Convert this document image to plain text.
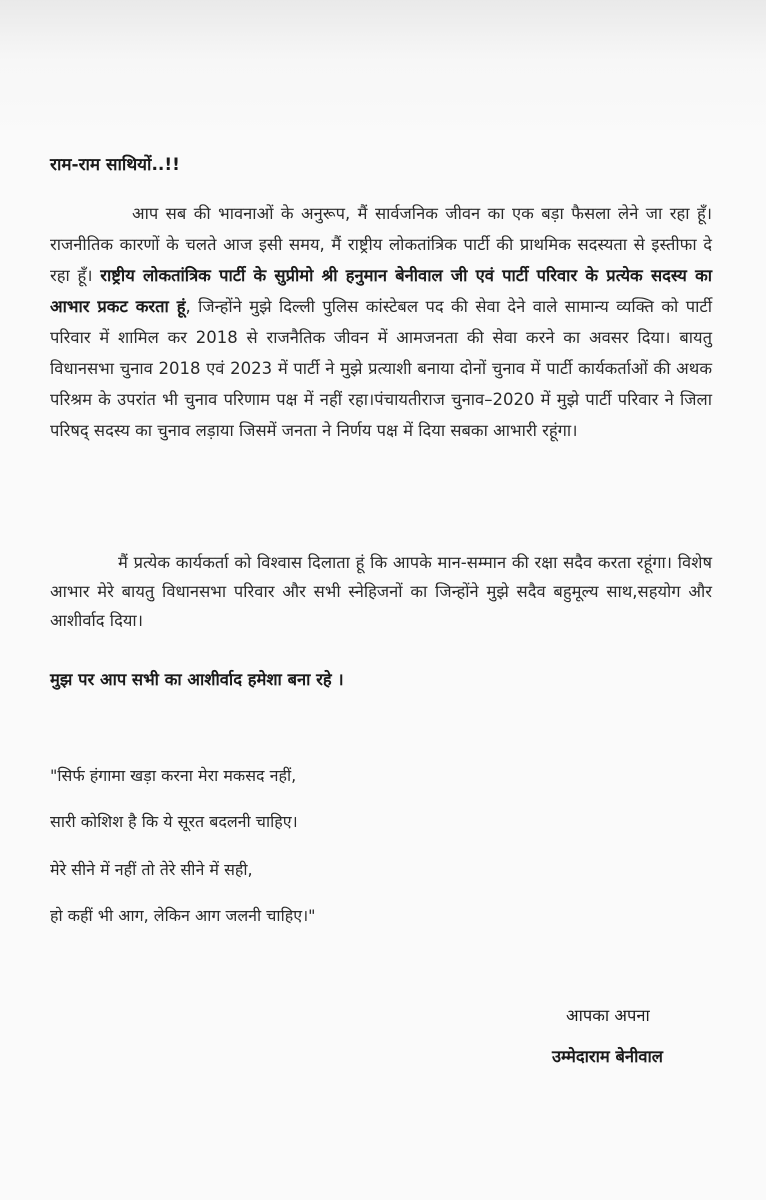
राम-राम साथियों..!!
आप सब की भावनाओं के अनुरूप, मैं सार्वजनिक जीवन का एक बड़ा फैसला लेने जा रहा हूँ। राजनीतिक कारणों के चलते आज इसी समय, मैं राष्ट्रीय लोकतांत्रिक पार्टी की प्राथमिक सदस्यता से इस्तीफा दे रहा हूँ। राष्ट्रीय लोकतांत्रिक पार्टी के सुप्रीमो श्री हनुमान बेनीवाल जी एवं पार्टी परिवार के प्रत्येक सदस्य का आभार प्रकट करता हूं, जिन्होंने मुझे दिल्ली पुलिस कांस्टेबल पद की सेवा देने वाले सामान्य व्यक्ति को पार्टी परिवार में शामिल कर 2018 से राजनैतिक जीवन में आमजनता की सेवा करने का अवसर दिया। बायतु विधानसभा चुनाव 2018 एवं 2023 में पार्टी ने मुझे प्रत्याशी बनाया दोनों चुनाव में पार्टी कार्यकर्ताओं की अथक परिश्रम के उपरांत भी चुनाव परिणाम पक्ष में नहीं रहा।पंचायतीराज चुनाव–2020 में मुझे पार्टी परिवार ने जिला परिषद् सदस्य का चुनाव लड़ाया जिसमें जनता ने निर्णय पक्ष में दिया सबका आभारी रहूंगा।
मैं प्रत्येक कार्यकर्ता को विश्वास दिलाता हूं कि आपके मान-सम्मान की रक्षा सदैव करता रहूंगा। विशेष आभार मेरे बायतु विधानसभा परिवार और सभी स्नेहिजनों का जिन्होंने मुझे सदैव बहुमूल्य साथ,सहयोग और आशीर्वाद दिया।
मुझ पर आप सभी का आशीर्वाद हमेशा बना रहे ।
"सिर्फ हंगामा खड़ा करना मेरा मकसद नहीं,
सारी कोशिश है कि ये सूरत बदलनी चाहिए।
मेरे सीने में नहीं तो तेरे सीने में सही,
हो कहीं भी आग, लेकिन आग जलनी चाहिए।"
आपका अपना
उम्मेदाराम बेनीवाल
